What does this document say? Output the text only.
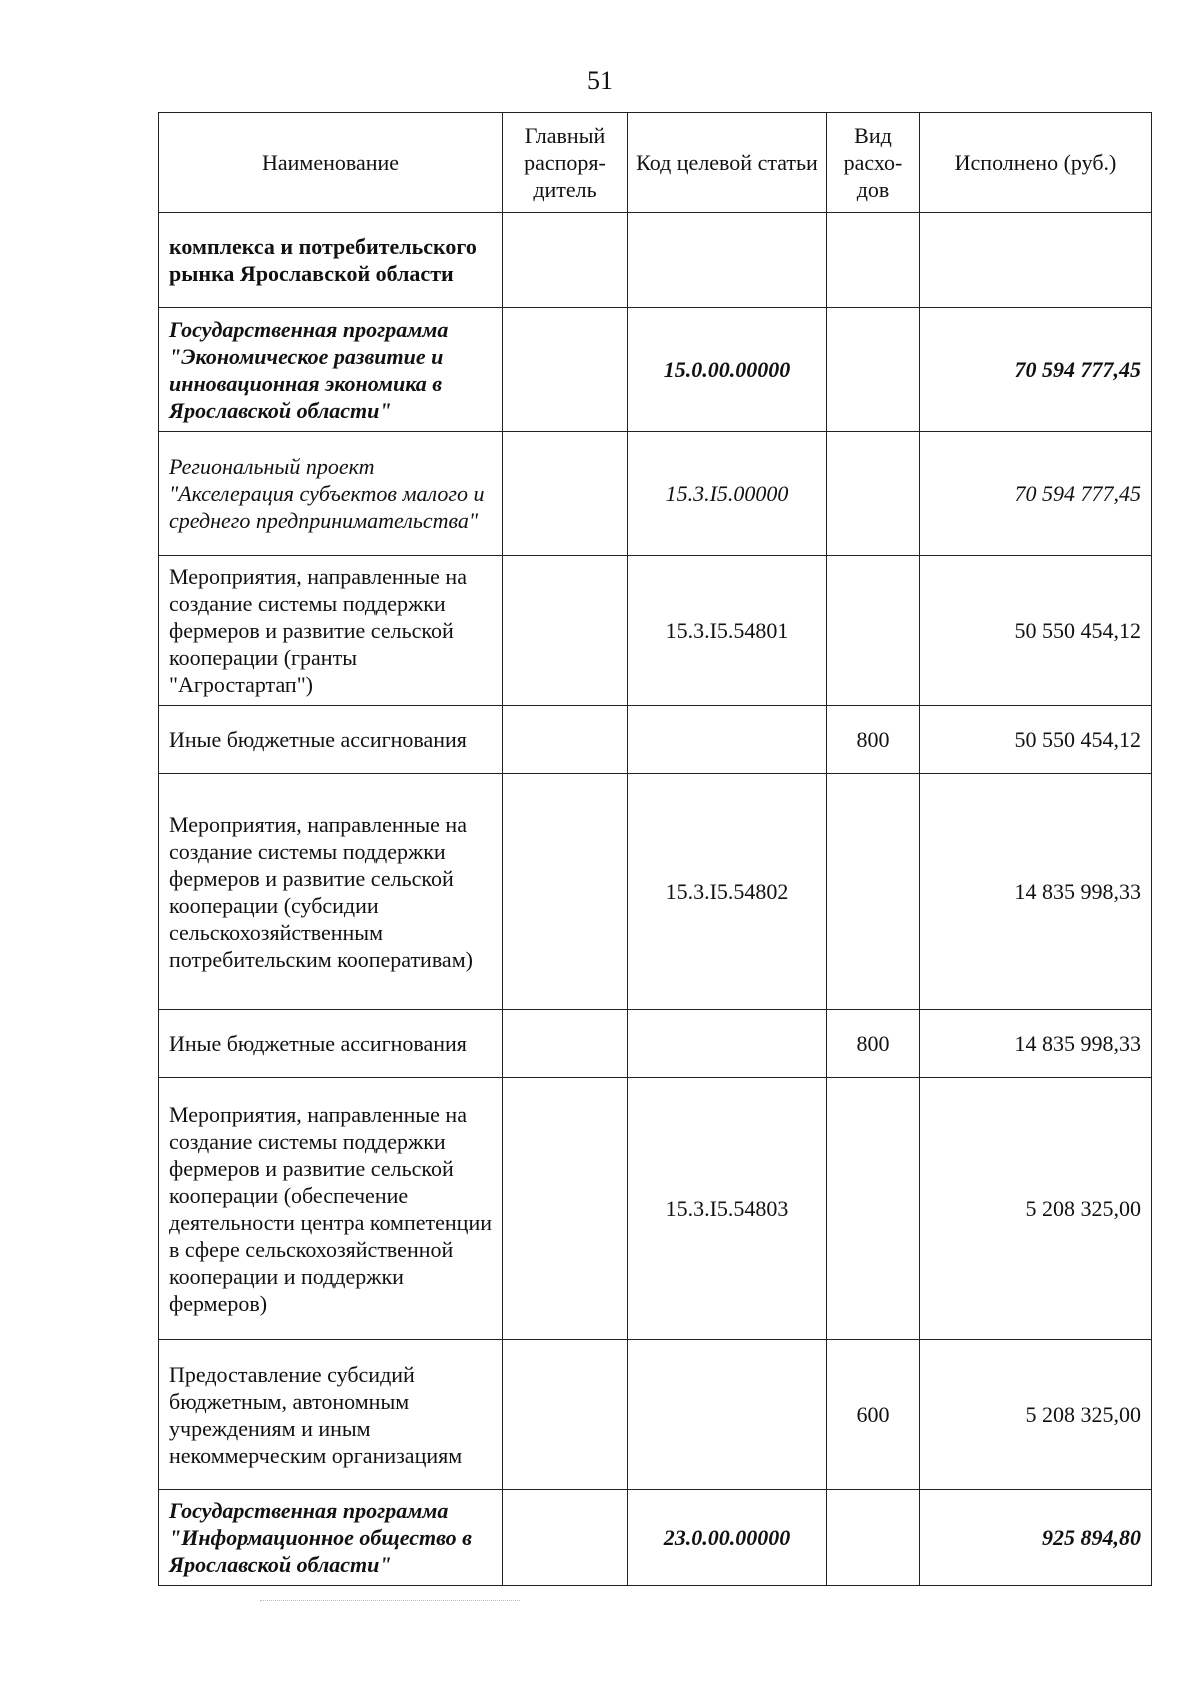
51
Наименование	Главный распоря-дитель	Код целевой статьи	Вид расхо-дов	Исполнено (руб.)
комплекса и потребительского рынка Ярославской области				
Государственная программа "Экономическое развитие и инновационная экономика в Ярославской области"		15.0.00.00000		70 594 777,45
Региональный проект "Акселерация субъектов малого и среднего предпринимательства"		15.3.I5.00000		70 594 777,45
Мероприятия, направленные на создание системы поддержки фермеров и развитие сельской кооперации (гранты "Агростартап")		15.3.I5.54801		50 550 454,12
Иные бюджетные ассигнования			800	50 550 454,12
Мероприятия, направленные на создание системы поддержки фермеров и развитие сельской кооперации (субсидии сельскохозяйственным потребительским кооперативам)		15.3.I5.54802		14 835 998,33
Иные бюджетные ассигнования			800	14 835 998,33
Мероприятия, направленные на создание системы поддержки фермеров и развитие сельской кооперации (обеспечение деятельности центра компетенции в сфере сельскохозяйственной кооперации и поддержки фермеров)		15.3.I5.54803		5 208 325,00
Предоставление субсидий бюджетным, автономным учреждениям и иным некоммерческим организациям			600	5 208 325,00
Государственная программа "Информационное общество в Ярославской области"		23.0.00.00000		925 894,80
